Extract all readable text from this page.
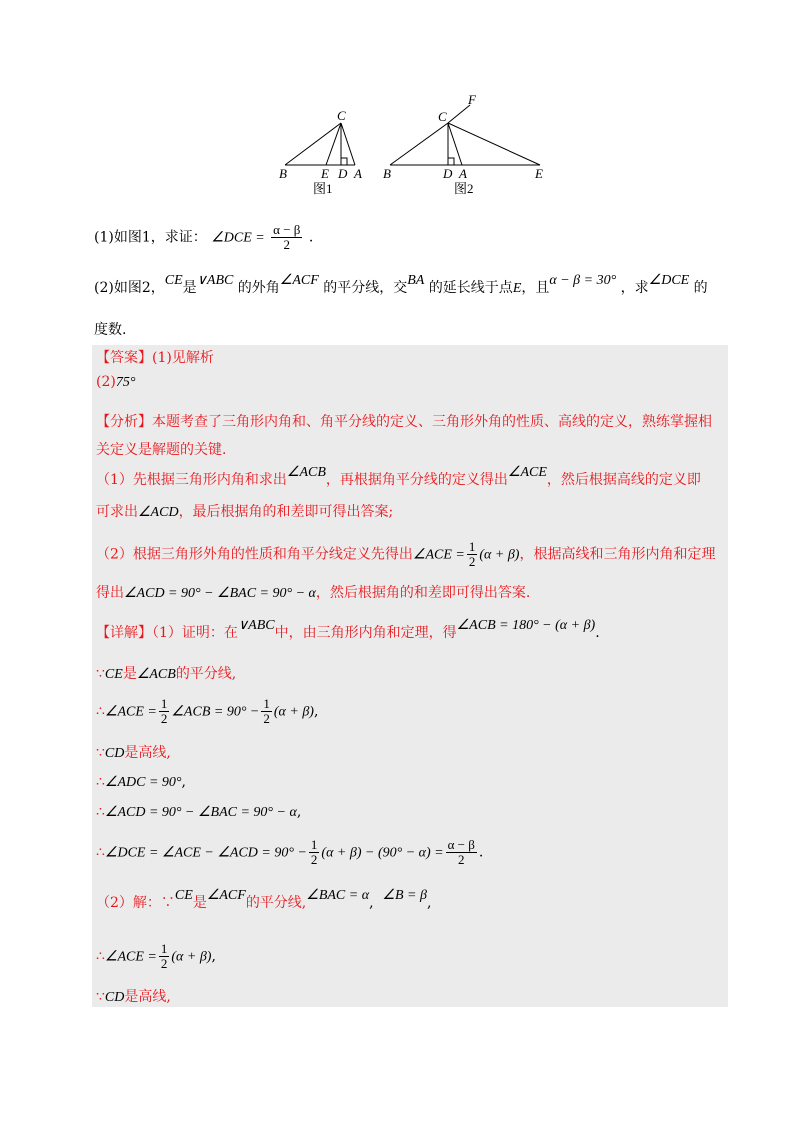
C
B	E D A
图1
F
C
B	D A	E
图2
(1)如图1，求证： ∠DCE = $\frac{\alpha - \beta}{2}$ .
(2)如图2，CE是∨ABC 的外角∠ACF 的平分线，交BA 的延长线于点E，且α − β = 30° ，求∠DCE 的
度数.
【答案】(1)见解析
(2)75°
【分析】本题考查了三角形内角和、角平分线的定义、三角形外角的性质、高线的定义，熟练掌握相
关定义是解题的关键.
（1）先根据三角形内角和求出∠ACB，再根据角平分线的定义得出∠ACE，然后根据高线的定义即
可求出∠ACD，最后根据角的和差即可得出答案;
（2）根据三角形外角的性质和角平分线定义先得出∠ACE = $\frac{1}{2} (\alpha + \beta)$，根据高线和三角形内角和定理
得出∠ACD = 90° − ∠BAC = 90° − α，然后根据角的和差即可得出答案.
【详解】（1）证明：在∨ABC中，由三角形内角和定理，得∠ACB = 180° − (α + β).
∵CE是∠ACB的平分线,
∴∠ACE = $\frac{1}{2}$ ∠ACB = $90^\circ - \frac{1}{2} (\alpha + \beta)$,
∵CD是高线,
∴∠ADC = 90°,
∴∠ACD = 90° − ∠BAC = 90° − α,
∴∠DCE = ∠ACE − ∠ACD = $90^\circ - \frac{1}{2} (\alpha + \beta) - (90^\circ - \alpha) = \frac{\alpha - \beta}{2}$ .
（2）解：∵CE是∠ACF的平分线,∠BAC = α, ∠B = β,
∴∠ACE = $\frac{1}{2} (\alpha + \beta)$,
∵CD是高线,
